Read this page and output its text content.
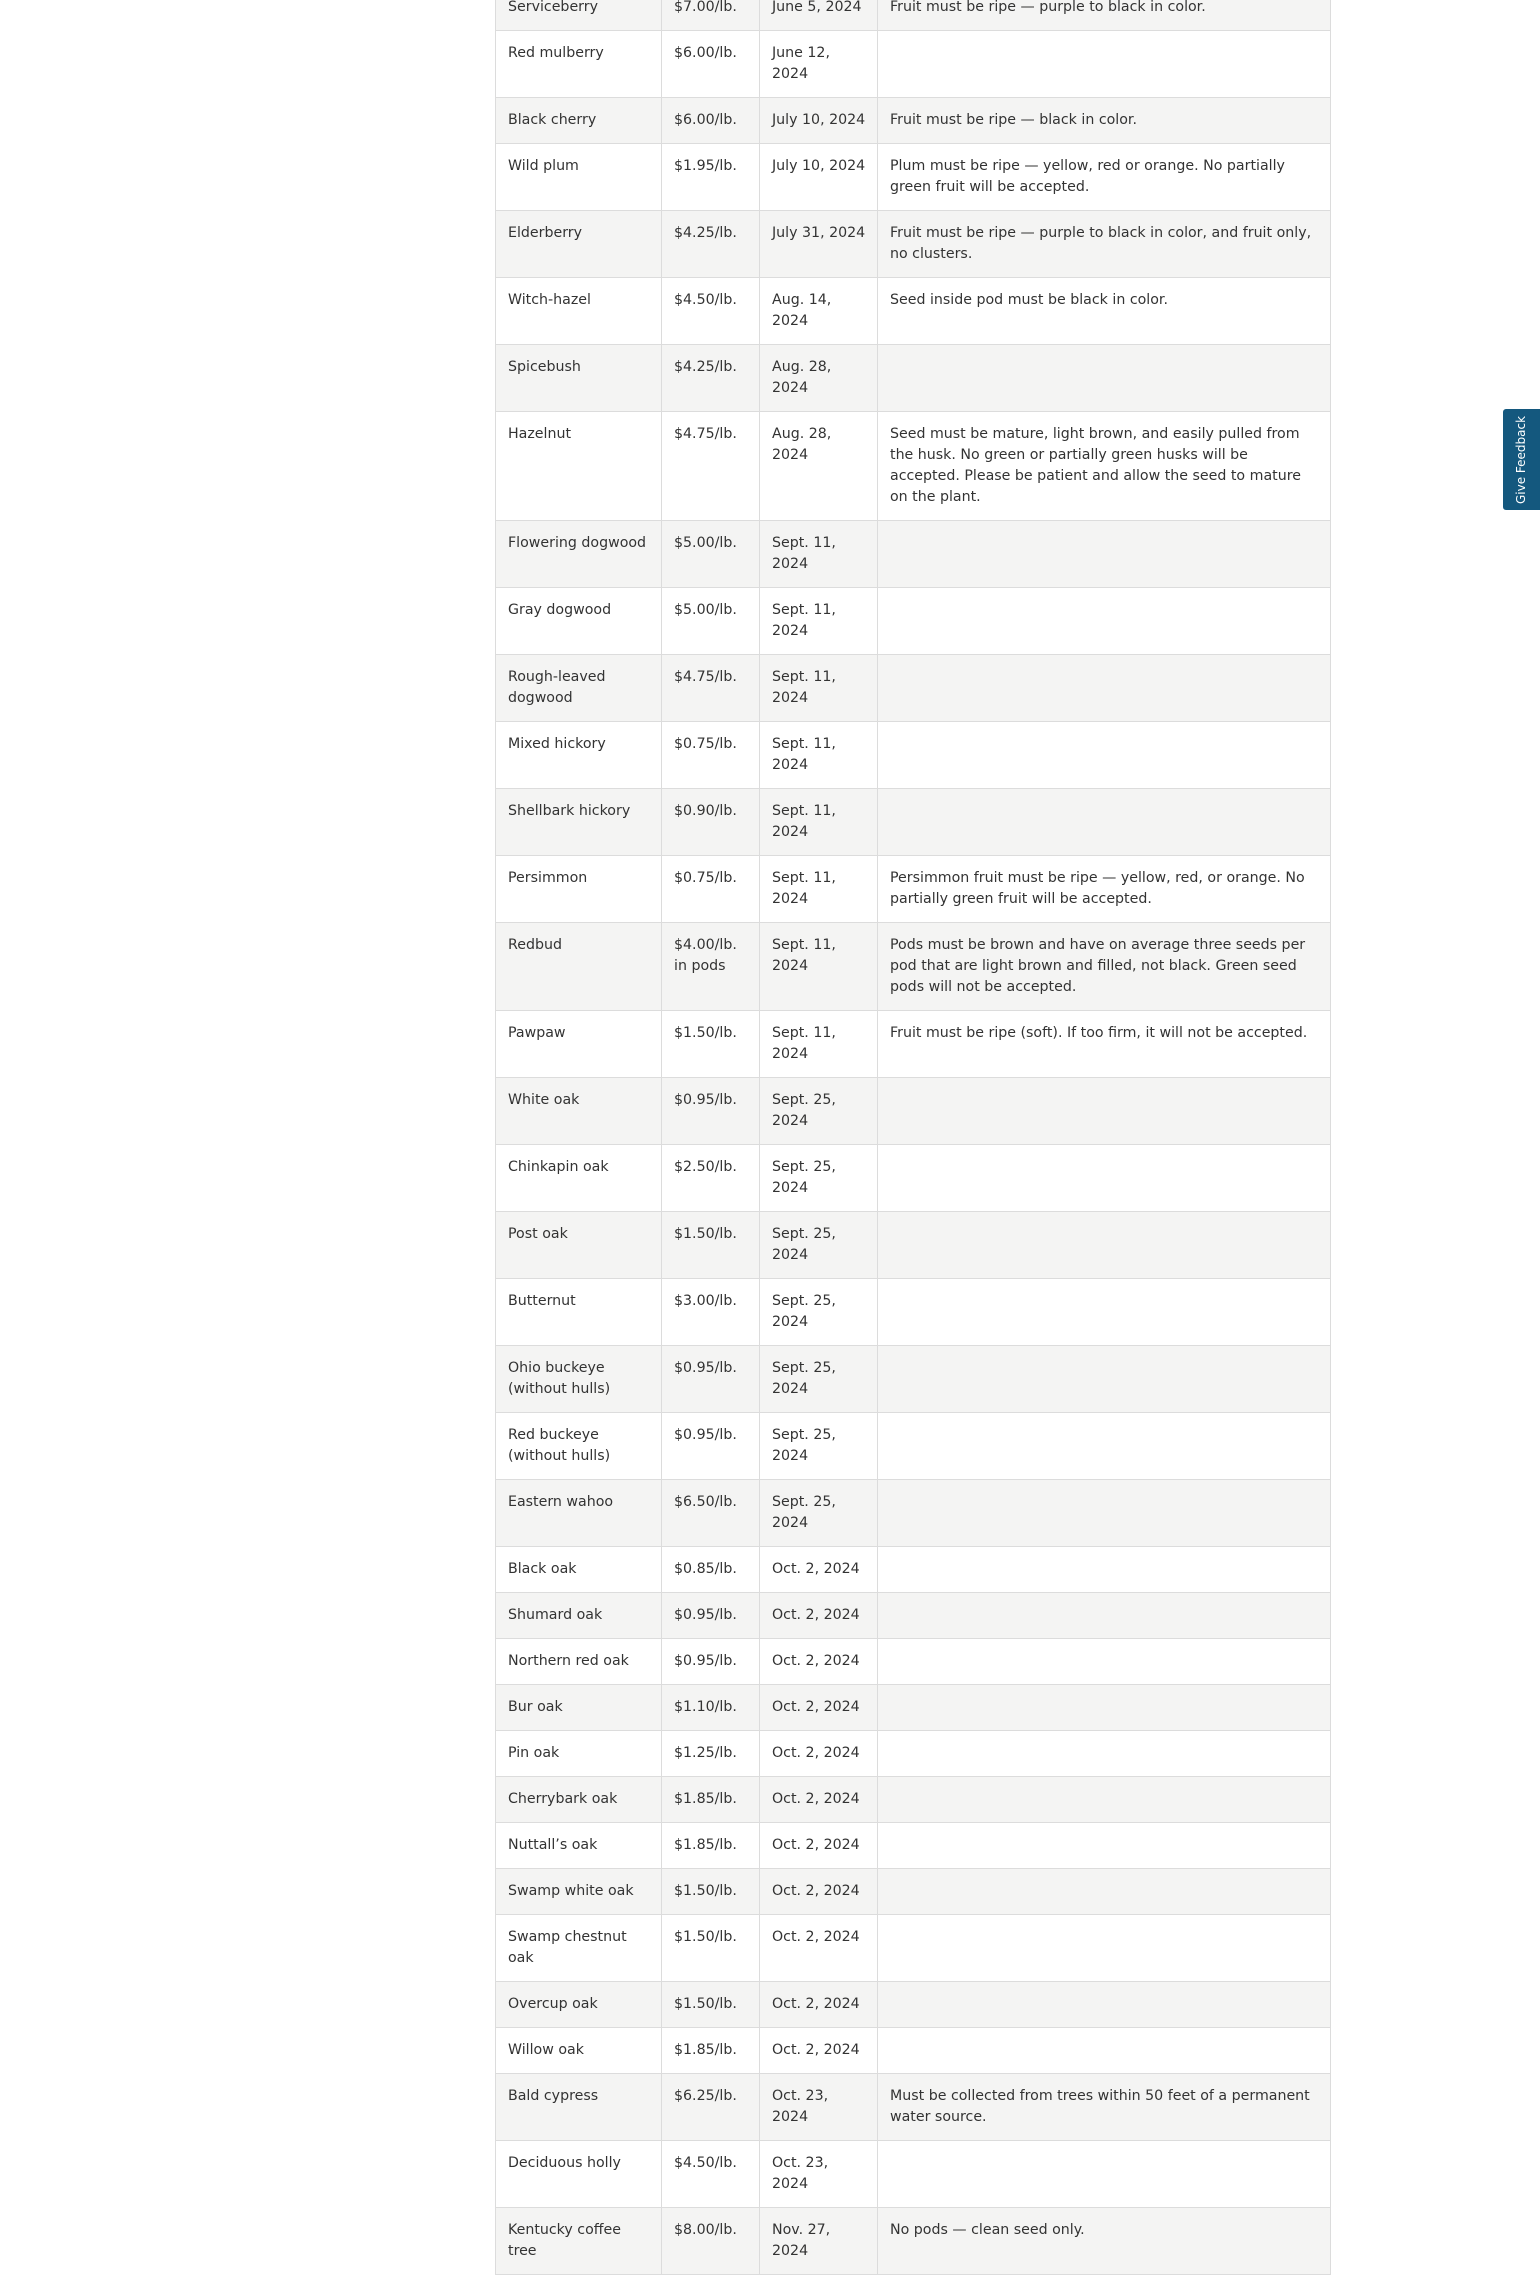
Serviceberry	$7.00/lb.	June 5, 2024	Fruit must be ripe — purple to black in color.
Red mulberry	$6.00/lb.	June 12, 2024	
Black cherry	$6.00/lb.	July 10, 2024	Fruit must be ripe — black in color.
Wild plum	$1.95/lb.	July 10, 2024	Plum must be ripe — yellow, red or orange. No partially green fruit will be accepted.
Elderberry	$4.25/lb.	July 31, 2024	Fruit must be ripe — purple to black in color, and fruit only, no clusters.
Witch-hazel	$4.50/lb.	Aug. 14, 2024	Seed inside pod must be black in color.
Spicebush	$4.25/lb.	Aug. 28, 2024	
Hazelnut	$4.75/lb.	Aug. 28, 2024	Seed must be mature, light brown, and easily pulled from the husk. No green or partially green husks will be accepted. Please be patient and allow the seed to mature on the plant.
Flowering dogwood	$5.00/lb.	Sept. 11, 2024	
Gray dogwood	$5.00/lb.	Sept. 11, 2024	
Rough-leaved dogwood	$4.75/lb.	Sept. 11, 2024	
Mixed hickory	$0.75/lb.	Sept. 11, 2024	
Shellbark hickory	$0.90/lb.	Sept. 11, 2024	
Persimmon	$0.75/lb.	Sept. 11, 2024	Persimmon fruit must be ripe — yellow, red, or orange. No partially green fruit will be accepted.
Redbud	$4.00/lb. in pods	Sept. 11, 2024	Pods must be brown and have on average three seeds per pod that are light brown and filled, not black. Green seed pods will not be accepted.
Pawpaw	$1.50/lb.	Sept. 11, 2024	Fruit must be ripe (soft). If too firm, it will not be accepted.
White oak	$0.95/lb.	Sept. 25, 2024	
Chinkapin oak	$2.50/lb.	Sept. 25, 2024	
Post oak	$1.50/lb.	Sept. 25, 2024	
Butternut	$3.00/lb.	Sept. 25, 2024	
Ohio buckeye (without hulls)	$0.95/lb.	Sept. 25, 2024	
Red buckeye (without hulls)	$0.95/lb.	Sept. 25, 2024	
Eastern wahoo	$6.50/lb.	Sept. 25, 2024	
Black oak	$0.85/lb.	Oct. 2, 2024	
Shumard oak	$0.95/lb.	Oct. 2, 2024	
Northern red oak	$0.95/lb.	Oct. 2, 2024	
Bur oak	$1.10/lb.	Oct. 2, 2024	
Pin oak	$1.25/lb.	Oct. 2, 2024	
Cherrybark oak	$1.85/lb.	Oct. 2, 2024	
Nuttall’s oak	$1.85/lb.	Oct. 2, 2024	
Swamp white oak	$1.50/lb.	Oct. 2, 2024	
Swamp chestnut oak	$1.50/lb.	Oct. 2, 2024	
Overcup oak	$1.50/lb.	Oct. 2, 2024	
Willow oak	$1.85/lb.	Oct. 2, 2024	
Bald cypress	$6.25/lb.	Oct. 23, 2024	Must be collected from trees within 50 feet of a permanent water source.
Deciduous holly	$4.50/lb.	Oct. 23, 2024	
Kentucky coffee tree	$8.00/lb.	Nov. 27, 2024	No pods — clean seed only.
Give Feedback
